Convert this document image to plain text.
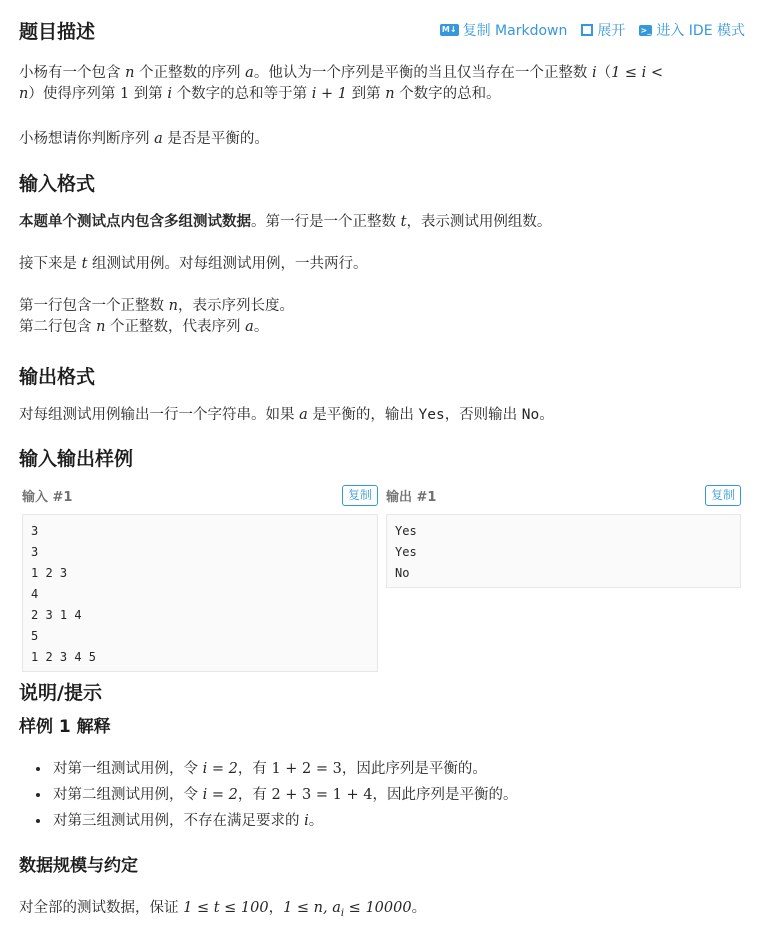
题目描述	M↓ 复制 Markdown 展开 >_ 进入 IDE 模式

小杨有一个包含 n 个正整数的序列 a。他认为一个序列是平衡的当且仅当存在一个正整数 i（1 ≤ i <
n）使得序列第 1 到第 i 个数字的总和等于第 i + 1 到第 n 个数字的总和。

小杨想请你判断序列 a 是否是平衡的。

输入格式

本题单个测试点内包含多组测试数据。第一行是一个正整数 t，表示测试用例组数。

接下来是 t 组测试用例。对每组测试用例，一共两行。

第一行包含一个正整数 n，表示序列长度。
第二行包含 n 个正整数，代表序列 a。

输出格式

对每组测试用例输出一行一个字符串。如果 a 是平衡的，输出 Yes，否则输出 No。

输入输出样例
输入 #1	复制
3
3
1 2 3
4
2 3 1 4
5
1 2 3 4 5
输出 #1	复制
Yes
Yes
No
说明/提示
样例 1 解释
• 对第一组测试用例，令 i = 2，有 1 + 2 = 3，因此序列是平衡的。
• 对第二组测试用例，令 i = 2，有 2 + 3 = 1 + 4，因此序列是平衡的。
• 对第三组测试用例，不存在满足要求的 i。
数据规模与约定

对全部的测试数据，保证 1 ≤ t ≤ 100，1 ≤ n, $a_i \le 10000$。
